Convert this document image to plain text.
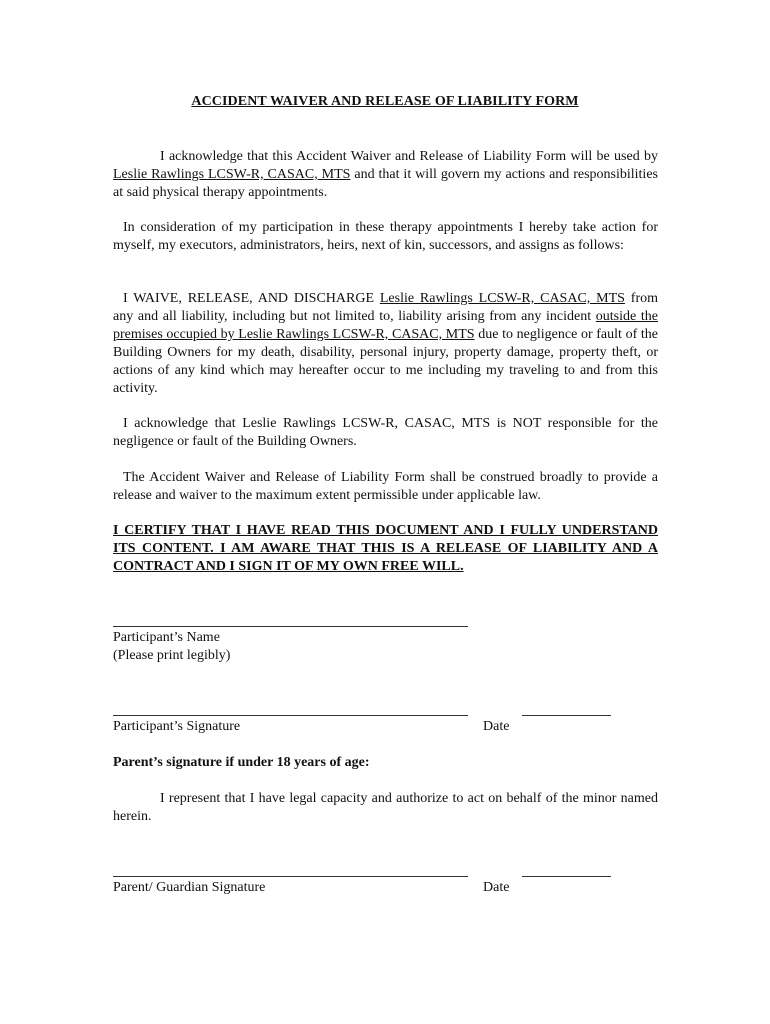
ACCIDENT WAIVER AND RELEASE OF LIABILITY FORM
I acknowledge that this Accident Waiver and Release of Liability Form will be used by Leslie Rawlings LCSW-R, CASAC, MTS and that it will govern my actions and responsibilities at said physical therapy appointments.
In consideration of my participation in these therapy appointments I hereby take action for myself, my executors, administrators, heirs, next of kin, successors, and assigns as follows:
I WAIVE, RELEASE, AND DISCHARGE Leslie Rawlings LCSW-R, CASAC, MTS from any and all liability, including but not limited to, liability arising from any incident outside the premises occupied by Leslie Rawlings LCSW-R, CASAC, MTS due to negligence or fault of the Building Owners for my death, disability, personal injury, property damage, property theft, or actions of any kind which may hereafter occur to me including my traveling to and from this activity.
I acknowledge that Leslie Rawlings LCSW-R, CASAC, MTS is NOT responsible for the negligence or fault of the Building Owners.
The Accident Waiver and Release of Liability Form shall be construed broadly to provide a release and waiver to the maximum extent permissible under applicable law.
I CERTIFY THAT I HAVE READ THIS DOCUMENT AND I FULLY UNDERSTAND ITS CONTENT. I AM AWARE THAT THIS IS A RELEASE OF LIABILITY AND A CONTRACT AND I SIGN IT OF MY OWN FREE WILL.
Participant’s Name
(Please print legibly)
Participant’s Signature	Date
Parent’s signature if under 18 years of age:
I represent that I have legal capacity and authorize to act on behalf of the minor named herein.
Parent/ Guardian Signature	Date
